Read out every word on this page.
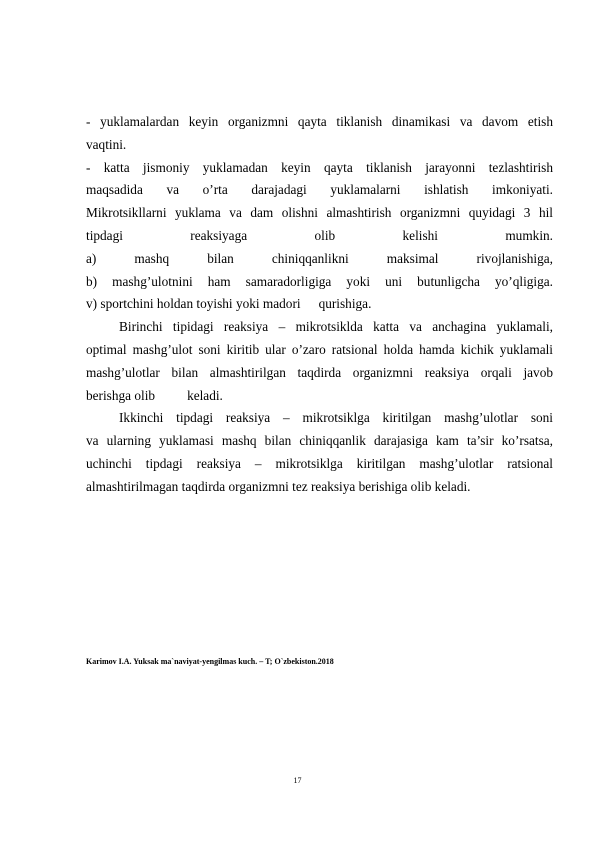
- yuklamalardan keyin organizmni qayta tiklanish dinamikasi va davom etish
vaqtini.
- katta jismoniy yuklamadan keyin qayta tiklanish jarayonni tezlashtirish
maqsadida va o’rta darajadagi yuklamalarni ishlatish imkoniyati.
Mikrotsikllarni yuklama va dam olishni almashtirish organizmni quyidagi 3 hil
tipdagi reaksiyaga olib kelishi mumkin.
a) mashq bilan chiniqqanlikni maksimal rivojlanishiga,
b) mashg’ulotnini ham samaradorligiga yoki uni butunligcha yo’qligiga.
v) sportchini holdan toyishi yoki madori qurishiga.
Birinchi tipidagi reaksiya – mikrotsiklda katta va anchagina yuklamali,
optimal mashg’ulot soni kiritib ular o’zaro ratsional holda hamda kichik yuklamali
mashg’ulotlar bilan almashtirilgan taqdirda organizmni reaksiya orqali javob
berishga olib keladi.
Ikkinchi tipdagi reaksiya – mikrotsiklga kiritilgan mashg’ulotlar soni
va ularning yuklamasi mashq bilan chiniqqanlik darajasiga kam ta’sir ko’rsatsa,
uchinchi tipdagi reaksiya – mikrotsiklga kiritilgan mashg’ulotlar ratsional
almashtirilmagan taqdirda organizmni tez reaksiya berishiga olib keladi.
Karimov I.A. Yuksak ma`naviyat-yengilmas kuch. – T; O`zbekiston.2018
17
